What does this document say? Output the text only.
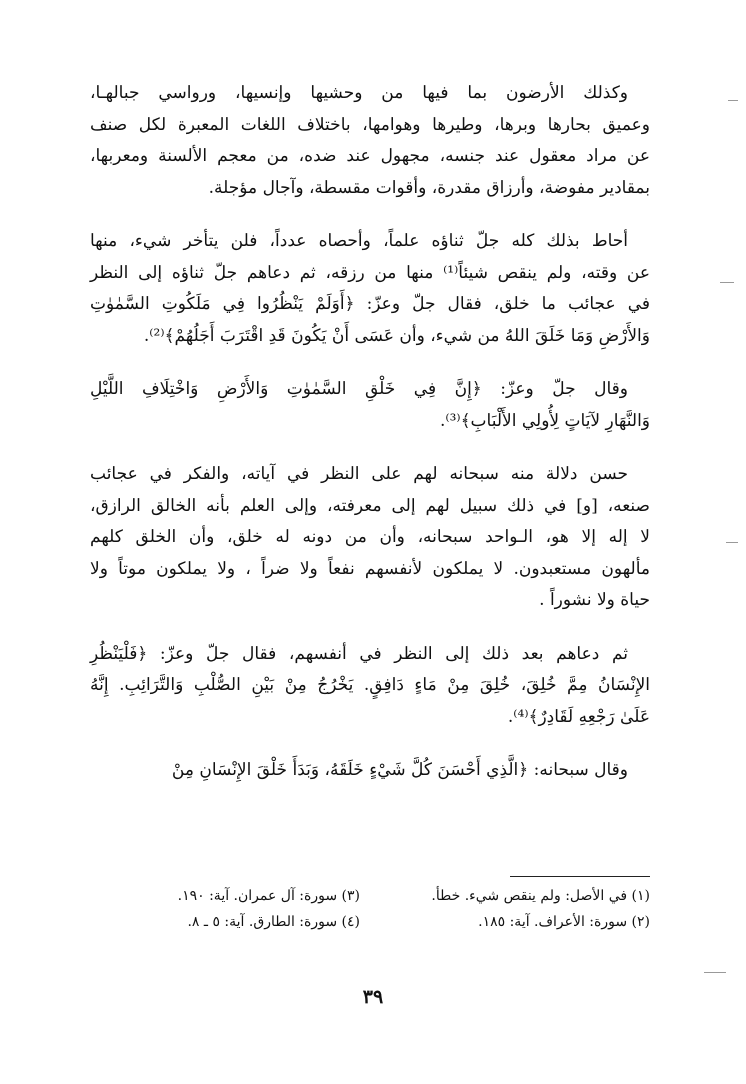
وكذلك الأرضون بما فيها من وحشيها وإنسيها، ورواسي جبالهـا،
وعميق بحارها وبرها، وطيرها وهوامها، باختلاف اللغات المعبرة لكل صنف
عن مراد معقول عند جنسه، مجهول عند ضده، من معجم الألسنة ومعربها،
بمقادير مفوضة، وأرزاق مقدرة، وأقوات مقسطة، وآجال مؤجلة.

أحاط بذلك كله جلّ ثناؤه علماً، وأحصاه عدداً، فلن يتأخر شيء، منها
عن وقته، ولم ينقص شيئاً⁽¹⁾ منها من رزقه، ثم دعاهم جلّ ثناؤه إلى النظر
في عجائب ما خلق، فقال جلّ وعزّ: ﴿أَوَلَمْ يَنْظُرُوا فِي مَلَكُوتِ السَّمٰوٰتِ
وَالأَرْضِ وَمَا خَلَقَ اللهُ من شيء، وأن عَسَى أَنْ يَكُونَ قَدِ اقْتَرَبَ أَجَلُهُمْ﴾⁽²⁾.

وقال جلّ وعزّ: ﴿إِنَّ فِي خَلْقِ السَّمٰوٰتِ وَالأَرْضِ وَاخْتِلَافِ اللَّيْلِ
وَالنَّهَارِ لآيَاتٍ لِأُولِي الأَلْبَابِ﴾⁽³⁾.

حسن دلالة منه سبحانه لهم على النظر في آياته، والفكر في عجائب
صنعه، [و] في ذلك سبيل لهم إلى معرفته، وإلى العلم بأنه الخالق الرازق،
لا إله إلا هو، الـواحد سبحانه، وأن من دونه له خلق، وأن الخلق كلهم
مألهون مستعبدون. لا يملكون لأنفسهم نفعاً ولا ضراً ، ولا يملكون موتاً ولا
حياة ولا نشوراً .

ثم دعاهم بعد ذلك إلى النظر في أنفسهم، فقال جلّ وعزّ: ﴿فَلْيَنْظُرِ
الإِنْسَانُ مِمَّ خُلِقَ، خُلِقَ مِنْ مَاءٍ دَافِقٍ. يَخْرُجُ مِنْ بَيْنِ الصُّلْبِ وَالتَّرَائِبِ. إِنَّهُ
عَلَىٰ رَجْعِهِ لَقَادِرٌ﴾⁽⁴⁾.

وقال سبحانه: ﴿الَّذِي أَحْسَنَ كُلَّ شَيْءٍ خَلَقَهُ، وَبَدَأَ خَلْقَ الإِنْسَانِ مِنْ

(١) في الأصل: ولم ينقص شيء. خطأ.
(٣) سورة: آل عمران. آية: ١٩٠.
(٢) سورة: الأعراف. آية: ١٨٥.
(٤) سورة: الطارق. آية: ٥ ـ ٨.
٣٩
